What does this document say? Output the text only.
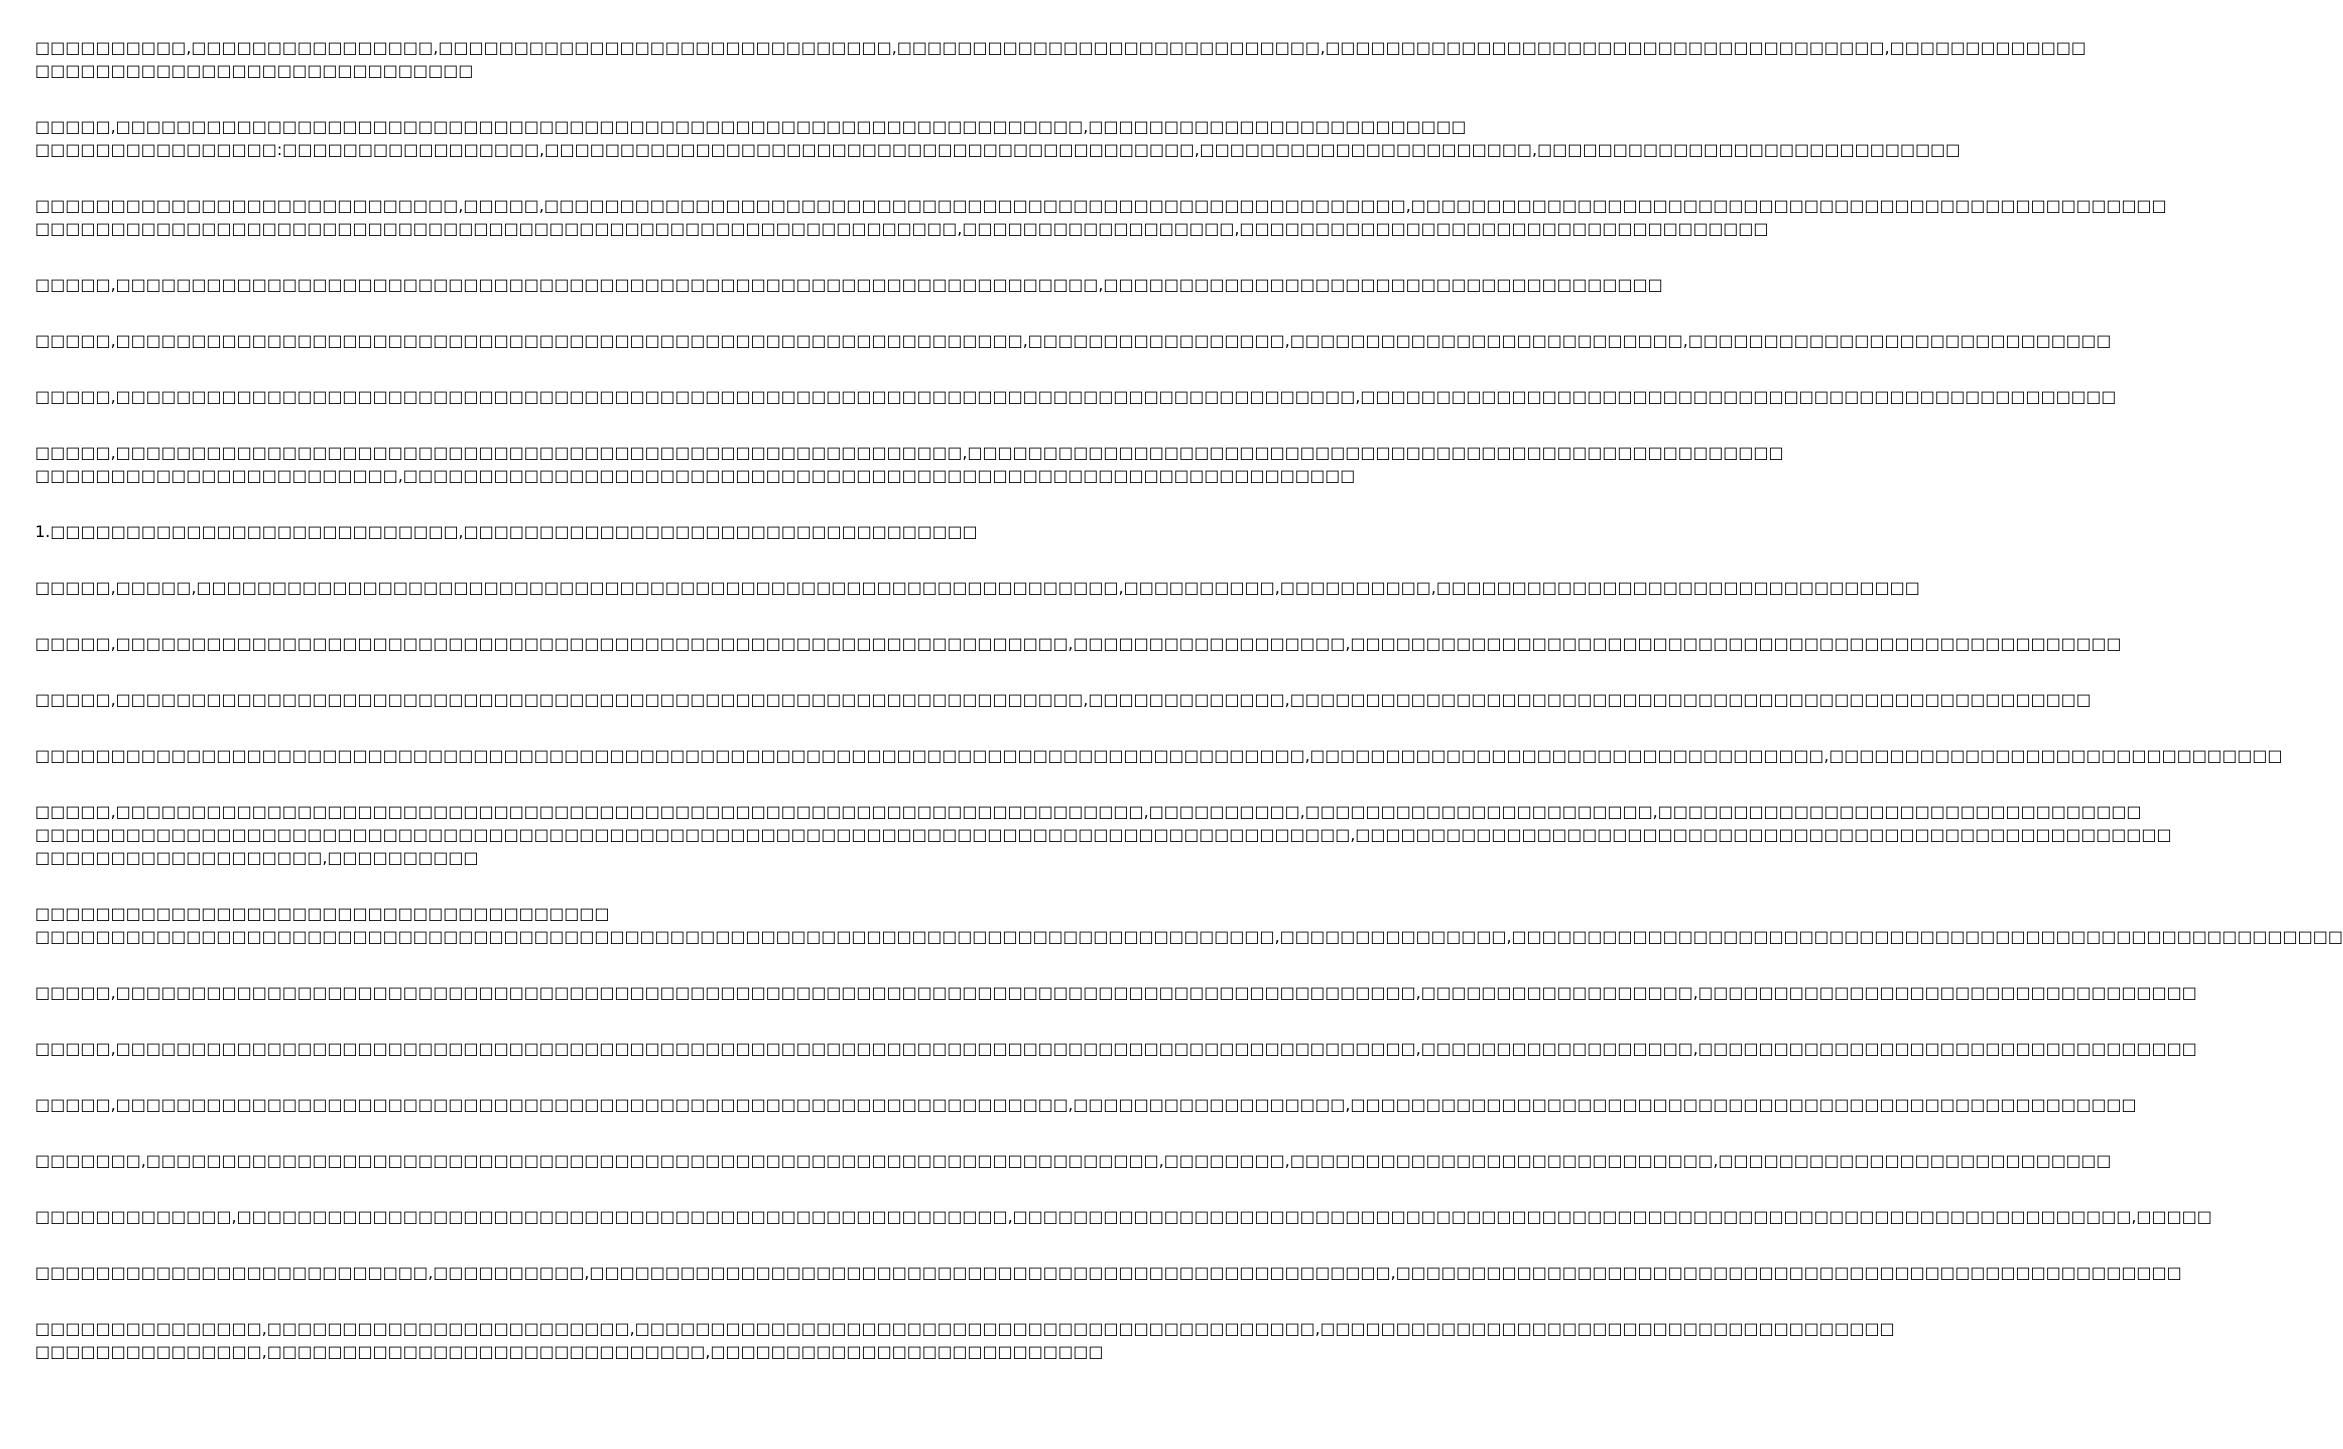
□□□□□□□□□□,□□□□□□□□□□□□□□□□,□□□□□□□□□□□□□□□□□□□□□□□□□□□□□□,□□□□□□□□□□□□□□□□□□□□□□□□□□□□,□□□□□□□□□□□□□□□□□□□□□□□□□□□□□□□□□□□□□,□□□□□□□□□□□□□
□□□□□□□□□□□□□□□□□□□□□□□□□□□□□
□□□□□,□□□□□□□□□□□□□□□□□□□□□□□□□□□□□□□□□□□□□□□□□□□□□□□□□□□□□□□□□□□□□□□□,□□□□□□□□□□□□□□□□□□□□□□□□□
□□□□□□□□□□□□□□□□:□□□□□□□□□□□□□□□□□,□□□□□□□□□□□□□□□□□□□□□□□□□□□□□□□□□□□□□□□□□□□,□□□□□□□□□□□□□□□□□□□□□□,□□□□□□□□□□□□□□□□□□□□□□□□□□□□
□□□□□□□□□□□□□□□□□□□□□□□□□□□□,□□□□□,□□□□□□□□□□□□□□□□□□□□□□□□□□□□□□□□□□□□□□□□□□□□□□□□□□□□□□□□□,□□□□□□□□□□□□□□□□□□□□□□□□□□□□□□□□□□□□□□□□□□□□□□□□□□
□□□□□□□□□□□□□□□□□□□□□□□□□□□□□□□□□□□□□□□□□□□□□□□□□□□□□□□□□□□□□,□□□□□□□□□□□□□□□□□□,□□□□□□□□□□□□□□□□□□□□□□□□□□□□□□□□□□□
□□□□□,□□□□□□□□□□□□□□□□□□□□□□□□□□□□□□□□□□□□□□□□□□□□□□□□□□□□□□□□□□□□□□□□□,□□□□□□□□□□□□□□□□□□□□□□□□□□□□□□□□□□□□□
□□□□□,□□□□□□□□□□□□□□□□□□□□□□□□□□□□□□□□□□□□□□□□□□□□□□□□□□□□□□□□□□□□,□□□□□□□□□□□□□□□□□,□□□□□□□□□□□□□□□□□□□□□□□□□□,□□□□□□□□□□□□□□□□□□□□□□□□□□□□
□□□□□,□□□□□□□□□□□□□□□□□□□□□□□□□□□□□□□□□□□□□□□□□□□□□□□□□□□□□□□□□□□□□□□□□□□□□□□□□□□□□□□□□□,□□□□□□□□□□□□□□□□□□□□□□□□□□□□□□□□□□□□□□□□□□□□□□□□□□
□□□□□,□□□□□□□□□□□□□□□□□□□□□□□□□□□□□□□□□□□□□□□□□□□□□□□□□□□□□□□□,□□□□□□□□□□□□□□□□□□□□□□□□□□□□□□□□□□□□□□□□□□□□□□□□□□□□□□
□□□□□□□□□□□□□□□□□□□□□□□□,□□□□□□□□□□□□□□□□□□□□□□□□□□□□□□□□□□□□□□□□□□□□□□□□□□□□□□□□□□□□□□□
1.□□□□□□□□□□□□□□□□□□□□□□□□□□□,□□□□□□□□□□□□□□□□□□□□□□□□□□□□□□□□□□
□□□□□,□□□□□,□□□□□□□□□□□□□□□□□□□□□□□□□□□□□□□□□□□□□□□□□□□□□□□□□□□□□□□□□□□□□,□□□□□□□□□□,□□□□□□□□□□,□□□□□□□□□□□□□□□□□□□□□□□□□□□□□□□□
□□□□□,□□□□□□□□□□□□□□□□□□□□□□□□□□□□□□□□□□□□□□□□□□□□□□□□□□□□□□□□□□□□□□□,□□□□□□□□□□□□□□□□□□,□□□□□□□□□□□□□□□□□□□□□□□□□□□□□□□□□□□□□□□□□□□□□□□□□□□
□□□□□,□□□□□□□□□□□□□□□□□□□□□□□□□□□□□□□□□□□□□□□□□□□□□□□□□□□□□□□□□□□□□□□□,□□□□□□□□□□□□□,□□□□□□□□□□□□□□□□□□□□□□□□□□□□□□□□□□□□□□□□□□□□□□□□□□□□□
□□□□□□□□□□□□□□□□□□□□□□□□□□□□□□□□□□□□□□□□□□□□□□□□□□□□□□□□□□□□□□□□□□□□□□□□□□□□□□□□□□□□,□□□□□□□□□□□□□□□□□□□□□□□□□□□□□□□□□□,□□□□□□□□□□□□□□□□□□□□□□□□□□□□□□
□□□□□,□□□□□□□□□□□□□□□□□□□□□□□□□□□□□□□□□□□□□□□□□□□□□□□□□□□□□□□□□□□□□□□□□□□□,□□□□□□□□□□,□□□□□□□□□□□□□□□□□□□□□□□,□□□□□□□□□□□□□□□□□□□□□□□□□□□□□□□□
□□□□□□□□□□□□□□□□□□□□□□□□□□□□□□□□□□□□□□□□□□□□□□□□□□□□□□□□□□□□□□□□□□□□□□□□□□□□□□□□□□□□□□□,□□□□□□□□□□□□□□□□□□□□□□□□□□□□□□□□□□□□□□□□□□□□□□□□□□□□□□
□□□□□□□□□□□□□□□□□□□,□□□□□□□□□□
□□□□□□□□□□□□□□□□□□□□□□□□□□□□□□□□□□□□□□
□□□□□□□□□□□□□□□□□□□□□□□□□□□□□□□□□□□□□□□□□□□□□□□□□□□□□□□□□□□□□□□□□□□□□□□□□□□□□□□□□□,□□□□□□□□□□□□□□□,□□□□□□□□□□□□□□□□□□□□□□□□□□□□□□□□□□□□□□□□□□□□□□□□□□□□□□□
□□□□□,□□□□□□□□□□□□□□□□□□□□□□□□□□□□□□□□□□□□□□□□□□□□□□□□□□□□□□□□□□□□□□□□□□□□□□□□□□□□□□□□□□□□□□,□□□□□□□□□□□□□□□□□□,□□□□□□□□□□□□□□□□□□□□□□□□□□□□□□□□□
□□□□□,□□□□□□□□□□□□□□□□□□□□□□□□□□□□□□□□□□□□□□□□□□□□□□□□□□□□□□□□□□□□□□□□□□□□□□□□□□□□□□□□□□□□□□,□□□□□□□□□□□□□□□□□□,□□□□□□□□□□□□□□□□□□□□□□□□□□□□□□□□□
□□□□□,□□□□□□□□□□□□□□□□□□□□□□□□□□□□□□□□□□□□□□□□□□□□□□□□□□□□□□□□□□□□□□□,□□□□□□□□□□□□□□□□□□,□□□□□□□□□□□□□□□□□□□□□□□□□□□□□□□□□□□□□□□□□□□□□□□□□□□□
□□□□□□□,□□□□□□□□□□□□□□□□□□□□□□□□□□□□□□□□□□□□□□□□□□□□□□□□□□□□□□□□□□□□□□□□□□□,□□□□□□□□,□□□□□□□□□□□□□□□□□□□□□□□□□□□□,□□□□□□□□□□□□□□□□□□□□□□□□□□
□□□□□□□□□□□□□,□□□□□□□□□□□□□□□□□□□□□□□□□□□□□□□□□□□□□□□□□□□□□□□□□□□,□□□□□□□□□□□□□□□□□□□□□□□□□□□□□□□□□□□□□□□□□□□□□□□□□□□□□□□□□□□□□□□□□□□□□□□□□□,□□□□□
□□□□□□□□□□□□□□□□□□□□□□□□□□,□□□□□□□□□□,□□□□□□□□□□□□□□□□□□□□□□□□□□□□□□□□□□□□□□□□□□□□□□□□□□□□□,□□□□□□□□□□□□□□□□□□□□□□□□□□□□□□□□□□□□□□□□□□□□□□□□□□□□
□□□□□□□□□□□□□□□,□□□□□□□□□□□□□□□□□□□□□□□□,□□□□□□□□□□□□□□□□□□□□□□□□□□□□□□□□□□□□□□□□□□□□□,□□□□□□□□□□□□□□□□□□□□□□□□□□□□□□□□□□□□□□
□□□□□□□□□□□□□□□,□□□□□□□□□□□□□□□□□□□□□□□□□□□□□,□□□□□□□□□□□□□□□□□□□□□□□□□□
